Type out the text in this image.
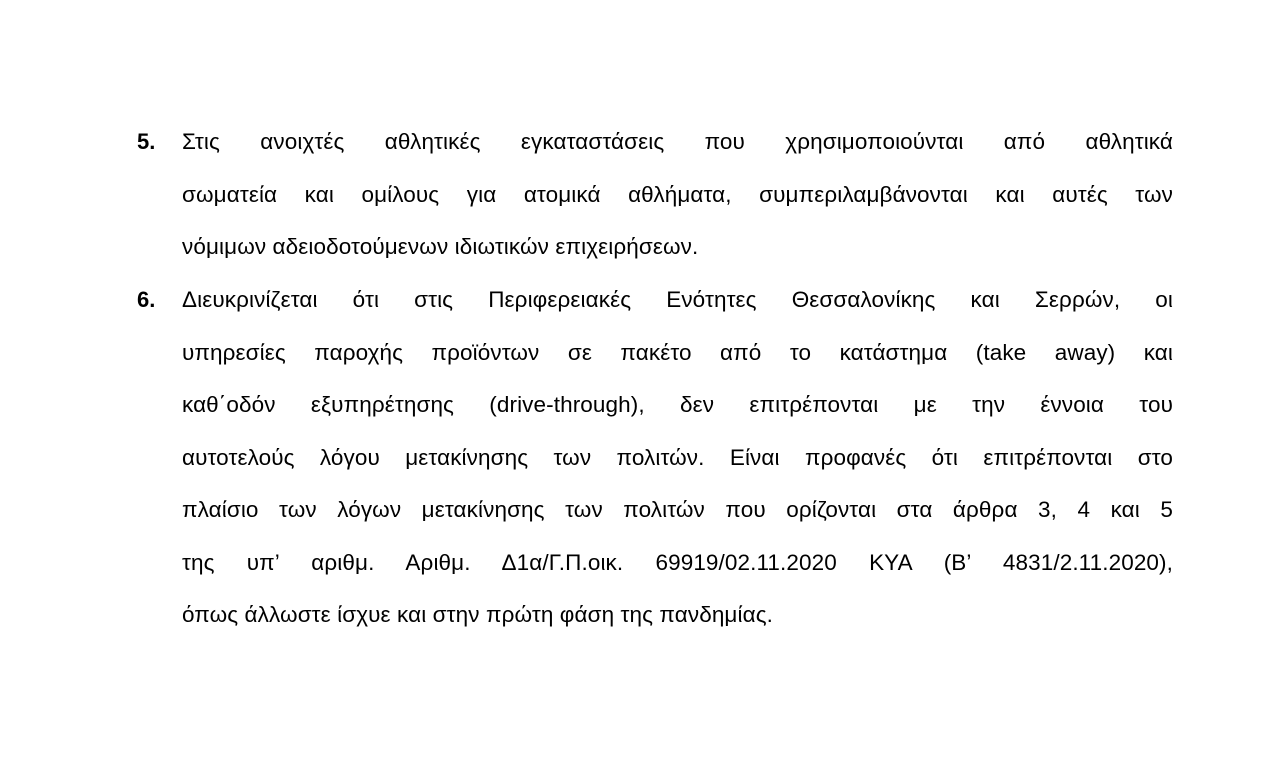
5. Στις ανοιχτές αθλητικές εγκαταστάσεις που χρησιμοποιούνται από αθλητικά
σωματεία και ομίλους για ατομικά αθλήματα, συμπεριλαμβάνονται και αυτές των
νόμιμων αδειοδοτούμενων ιδιωτικών επιχειρήσεων.
6. Διευκρινίζεται ότι στις Περιφερειακές Ενότητες Θεσσαλονίκης και Σερρών, οι
υπηρεσίες παροχής προϊόντων σε πακέτο από το κατάστημα (take away) και
καθ΄οδόν εξυπηρέτησης (drive-through), δεν επιτρέπονται με την έννοια του
αυτοτελούς λόγου μετακίνησης των πολιτών. Είναι προφανές ότι επιτρέπονται στο
πλαίσιο των λόγων μετακίνησης των πολιτών που ορίζονται στα άρθρα 3, 4 και 5
της υπ’ αριθμ. Αριθμ. Δ1α/Γ.Π.οικ. 69919/02.11.2020 ΚΥΑ (Β’ 4831/2.11.2020),
όπως άλλωστε ίσχυε και στην πρώτη φάση της πανδημίας.
